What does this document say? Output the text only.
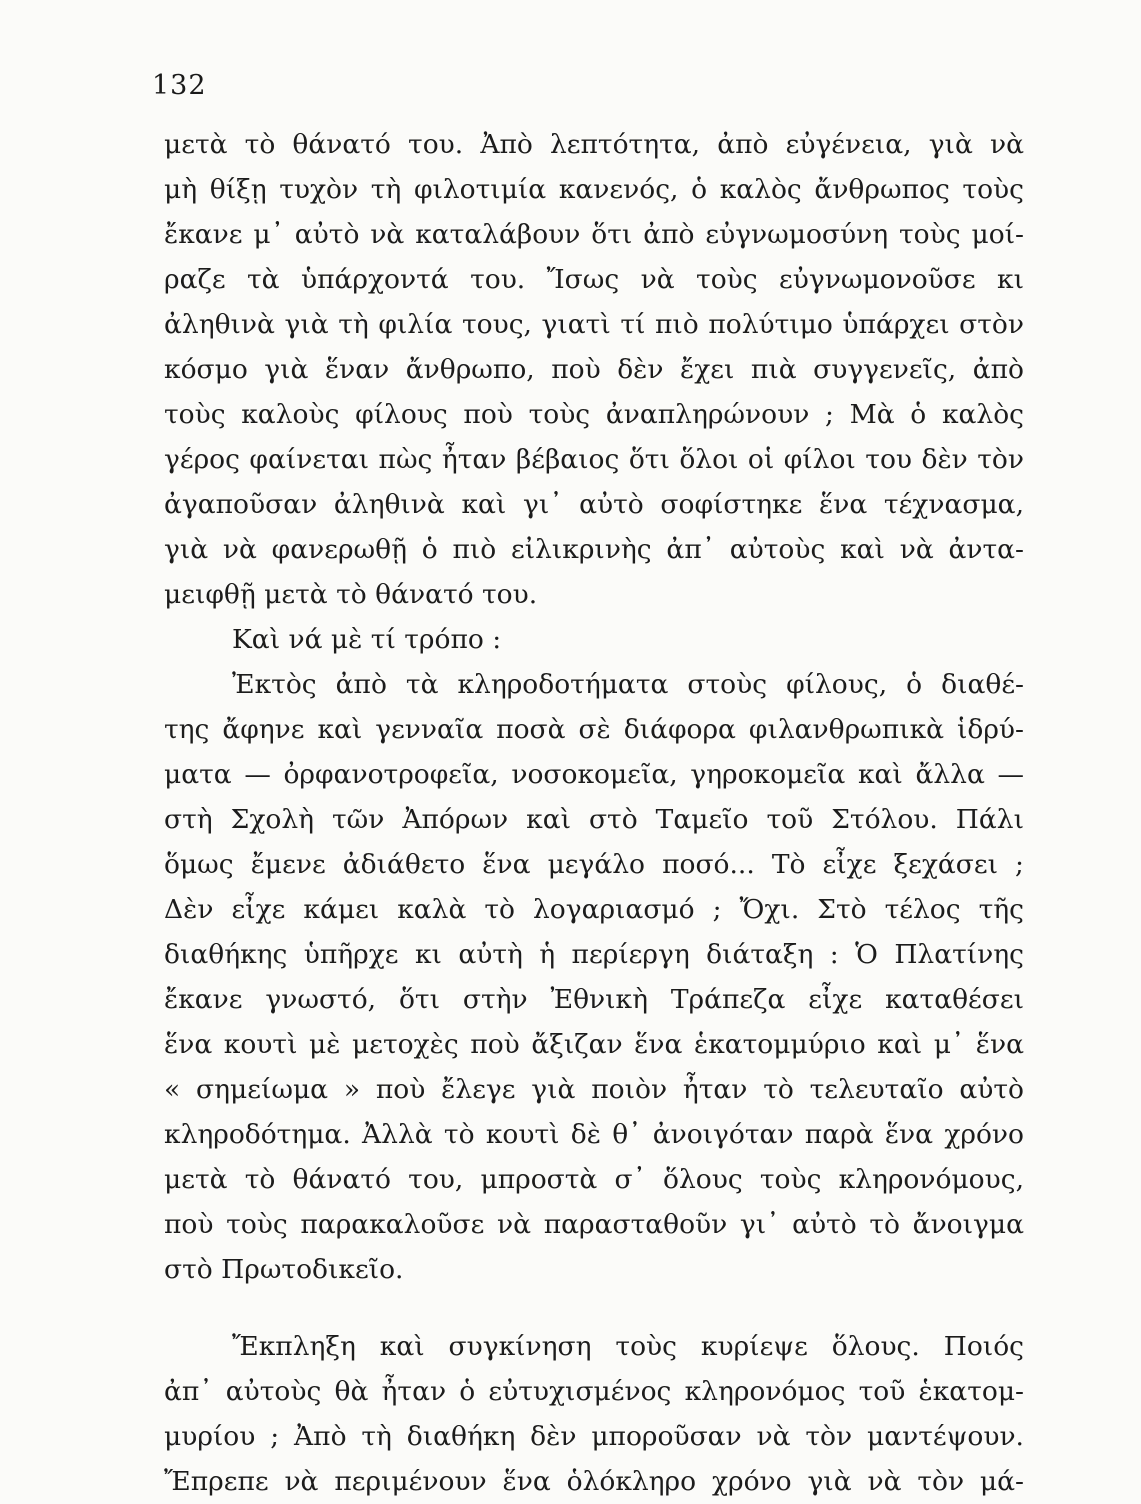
132
μετὰ τὸ θάνατό του. Ἀπὸ λεπτότητα, ἀπὸ εὐγένεια, γιὰ νὰ
μὴ θίξῃ τυχὸν τὴ φιλοτιμία κανενός, ὁ καλὸς ἄνθρωπος τοὺς
ἔκανε μ᾽ αὐτὸ νὰ καταλάβουν ὅτι ἀπὸ εὐγνωμοσύνη τοὺς μοί-
ραζε τὰ ὑπάρχοντά του. Ἴσως νὰ τοὺς εὐγνωμονοῦσε κι
ἀληθινὰ γιὰ τὴ φιλία τους, γιατὶ τί πιὸ πολύτιμο ὑπάρχει στὸν
κόσμο γιὰ ἕναν ἄνθρωπο, ποὺ δὲν ἔχει πιὰ συγγενεῖς, ἀπὸ
τοὺς καλοὺς φίλους ποὺ τοὺς ἀναπληρώνουν ; Μὰ ὁ καλὸς
γέρος φαίνεται πὼς ἦταν βέβαιος ὅτι ὅλοι οἱ φίλοι του δὲν τὸν
ἀγαποῦσαν ἀληθινὰ καὶ γι᾽ αὐτὸ σοφίστηκε ἕνα τέχνασμα,
γιὰ νὰ φανερωθῇ ὁ πιὸ εἰλικρινὴς ἀπ᾽ αὐτοὺς καὶ νὰ ἀντα-
μειφθῇ μετὰ τὸ θάνατό του.
Καὶ νά μὲ τί τρόπο :
Ἐκτὸς ἀπὸ τὰ κληροδοτήματα στοὺς φίλους, ὁ διαθέ-
της ἄφηνε καὶ γενναῖα ποσὰ σὲ διάφορα φιλανθρωπικὰ ἱδρύ-
ματα — ὀρφανοτροφεῖα, νοσοκομεῖα, γηροκομεῖα καὶ ἄλλα —
στὴ Σχολὴ τῶν Ἀπόρων καὶ στὸ Ταμεῖο τοῦ Στόλου. Πάλι
ὅμως ἔμενε ἀδιάθετο ἕνα μεγάλο ποσό... Τὸ εἶχε ξεχάσει ;
Δὲν εἶχε κάμει καλὰ τὸ λογαριασμό ; Ὄχι. Στὸ τέλος τῆς
διαθήκης ὑπῆρχε κι αὐτὴ ἡ περίεργη διάταξη : Ὁ Πλατίνης
ἔκανε γνωστό, ὅτι στὴν Ἐθνικὴ Τράπεζα εἶχε καταθέσει
ἕνα κουτὶ μὲ μετοχὲς ποὺ ἄξιζαν ἕνα ἑκατομμύριο καὶ μ᾽ ἕνα
« σημείωμα » ποὺ ἔλεγε γιὰ ποιὸν ἦταν τὸ τελευταῖο αὐτὸ
κληροδότημα. Ἀλλὰ τὸ κουτὶ δὲ θ᾽ ἀνοιγόταν παρὰ ἕνα χρόνο
μετὰ τὸ θάνατό του, μπροστὰ σ᾽ ὅλους τοὺς κληρονόμους,
ποὺ τοὺς παρακαλοῦσε νὰ παρασταθοῦν γι᾽ αὐτὸ τὸ ἄνοιγμα
στὸ Πρωτοδικεῖο.
Ἔκπληξη καὶ συγκίνηση τοὺς κυρίεψε ὅλους. Ποιός
ἀπ᾽ αὐτοὺς θὰ ἦταν ὁ εὐτυχισμένος κληρονόμος τοῦ ἑκατομ-
μυρίου ; Ἀπὸ τὴ διαθήκη δὲν μποροῦσαν νὰ τὸν μαντέψουν.
Ἔπρεπε νὰ περιμένουν ἕνα ὁλόκληρο χρόνο γιὰ νὰ τὸν μά-
